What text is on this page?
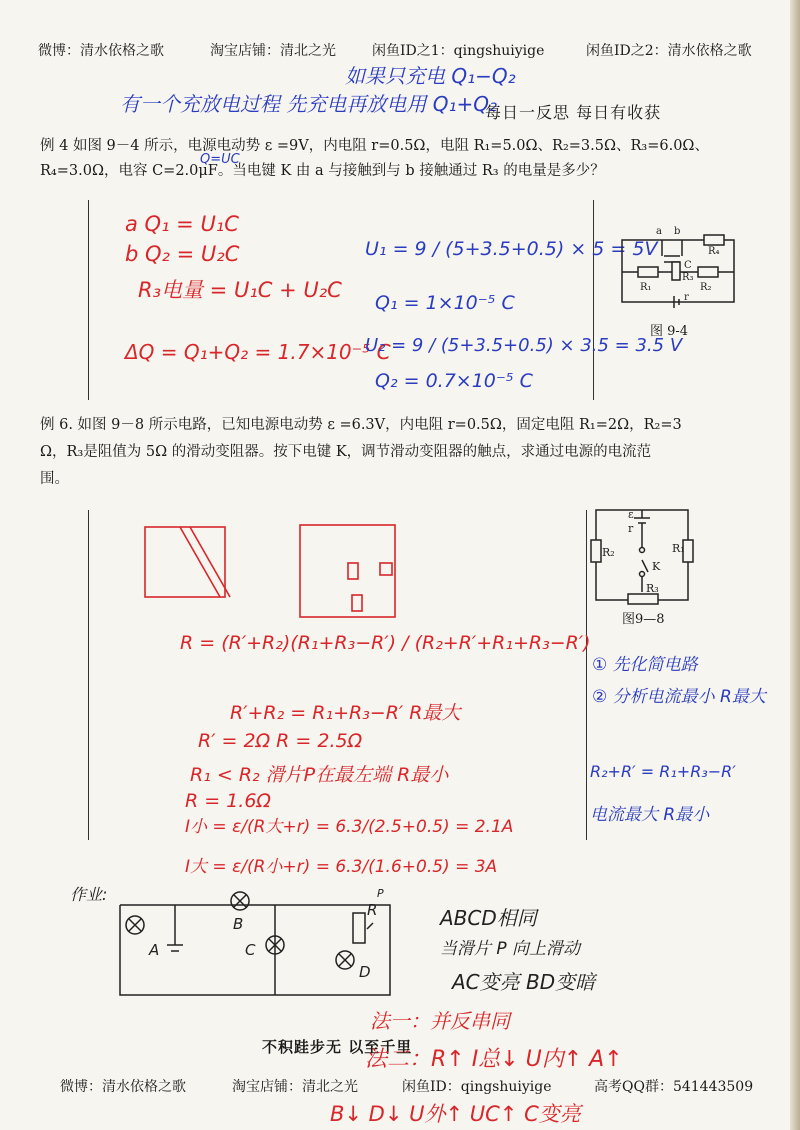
微博：清水依格之歌	淘宝店铺：清北之光	闲鱼ID之1：qingshuiyige	闲鱼ID之2：清水依格之歌
如果只充电 Q₁−Q₂
有一个充放电过程 先充电再放电用 Q₁+Q₂
每日一反思 每日有收获
例 4 如图 9－4 所示，电源电动势 ε =9V，内电阻 r=0.5Ω，电阻 R₁=5.0Ω、R₂=3.5Ω、R₃=6.0Ω、
R₄=3.0Ω，电容 C=2.0μF。当电键 K 由 a 与接触到与 b 接触通过 R₃ 的电量是多少？
Q=UC
a Q₁ = U₁C
b Q₂ = U₂C
R₃电量 = U₁C + U₂C
ΔQ = Q₁+Q₂ = 1.7×10⁻⁵ C
U₁ = 9 / (5+3.5+0.5) × 5 = 5V
Q₁ = 1×10⁻⁵ C
U₂ = 9 / (5+3.5+0.5) × 3.5 = 3.5 V
Q₂ = 0.7×10⁻⁵ C
a b
C
R₃
R₄
R₁	R₂
r
图 9-4
例 6. 如图 9－8 所示电路，已知电源电动势 ε =6.3V，内电阻 r=0.5Ω，固定电阻 R₁=2Ω，R₂=3
Ω，R₃是阻值为 5Ω 的滑动变阻器。按下电键 K，调节滑动变阻器的触点，求通过电源的电流范
围。
R = (R′+R₂)(R₁+R₃−R′) / (R₂+R′+R₁+R₃−R′)
R′+R₂ = R₁+R₃−R′ R最大
R′ = 2Ω R = 2.5Ω
R₁ < R₂ 滑片P在最左端 R最小
R = 1.6Ω
I小 = ε/(R大+r) = 6.3/(2.5+0.5) = 2.1A
I大 = ε/(R小+r) = 6.3/(1.6+0.5) = 3A
① 先化简电路
② 分析电流最小 R最大
R₂+R′ = R₁+R₃−R′
电流最大 R最小
ε
r
R₁
R₂
K
R₃
图9—8
作业:
A
B
C
D
R
P
ABCD相同
当滑片 P 向上滑动
AC变亮 BD变暗
法一：并反串同
不积跬步无 以至千里
法二：R↑ I总↓ U内↑ A↑
微博：清水依格之歌	淘宝店铺：清北之光	闲鱼ID：qingshuiyige	高考QQ群：541443509
B↓ D↓ U外↑ UC↑ C变亮
